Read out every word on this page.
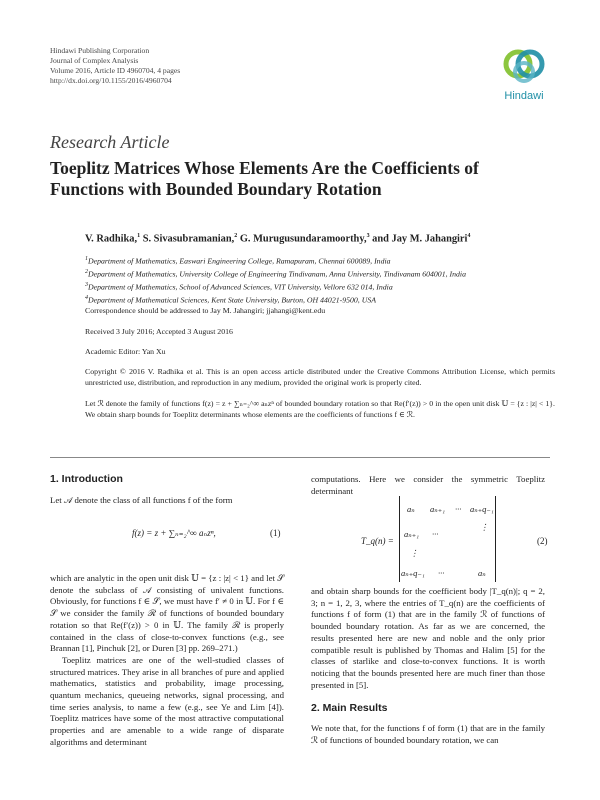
Hindawi Publishing Corporation
Journal of Complex Analysis
Volume 2016, Article ID 4960704, 4 pages
http://dx.doi.org/10.1155/2016/4960704
Hindawi
Research Article
Toeplitz Matrices Whose Elements Are the Coefficients of Functions with Bounded Boundary Rotation
V. Radhika,$^1$ S. Sivasubramanian,$^2$ G. Murugusundaramoorthy,$^3$ and Jay M. Jahangiri$^4$
$^1$Department of Mathematics, Easwari Engineering College, Ramapuram, Chennai 600089, India
$^2$Department of Mathematics, University College of Engineering Tindivanam, Anna University, Tindivanam 604001, India
$^3$Department of Mathematics, School of Advanced Sciences, VIT University, Vellore 632 014, India
$^4$Department of Mathematical Sciences, Kent State University, Burton, OH 44021-9500, USA
Correspondence should be addressed to Jay M. Jahangiri; jjahangi@kent.edu
Received 3 July 2016; Accepted 3 August 2016
Academic Editor: Yan Xu
Copyright © 2016 V. Radhika et al. This is an open access article distributed under the Creative Commons Attribution License, which permits unrestricted use, distribution, and reproduction in any medium, provided the original work is properly cited.
Let ℛ denote the family of functions f(z) = z + ∑ₙ₌₂^∞ aₙzⁿ of bounded boundary rotation so that Re(f′(z)) > 0 in the open unit disk 𝕌 = {z : |z| < 1}. We obtain sharp bounds for Toeplitz determinants whose elements are the coefficients of functions f ∈ ℛ.
1. Introduction

Let 𝒜 denote the class of all functions f of the form

f(z) = z + ∑ₙ₌₂^∞ aₙzⁿ,	(1)

which are analytic in the open unit disk 𝕌 = {z : |z| < 1} and let 𝒮 denote the subclass of 𝒜 consisting of univalent functions. Obviously, for functions f ∈ 𝒮, we must have f′ ≠ 0 in 𝕌. For f ∈ 𝒮 we consider the family ℛ of functions of bounded boundary rotation so that Re(f′(z)) > 0 in 𝕌. The family ℛ is properly contained in the class of close-to-convex functions (e.g., see Brannan [1], Pinchuk [2], or Duren [3] pp. 269–271.)

Toeplitz matrices are one of the well-studied classes of structured matrices. They arise in all branches of pure and applied mathematics, statistics and probability, image processing, quantum mechanics, queueing networks, signal processing, and time series analysis, to name a few (e.g., see Ye and Lim [4]). Toeplitz matrices have some of the most attractive computational properties and are amenable to a wide range of disparate algorithms and determinant

computations. Here we consider the symmetric Toeplitz determinant

T_q(n) =
aₙ aₙ₊₁ ··· aₙ₊q₋₁
aₙ₊₁ ···
⋮
⋮
aₙ₊q₋₁ ···	aₙ
(2)

and obtain sharp bounds for the coefficient body |T_q(n)|; q = 2, 3; n = 1, 2, 3, where the entries of T_q(n) are the coefficients of functions f of form (1) that are in the family ℛ of functions of bounded boundary rotation. As far as we are concerned, the results presented here are new and noble and the only prior compatible result is published by Thomas and Halim [5] for the classes of starlike and close-to-convex functions. It is worth noticing that the bounds presented here are much finer than those presented in [5].

2. Main Results

We note that, for the functions f of form (1) that are in the family ℛ of functions of bounded boundary rotation, we can
